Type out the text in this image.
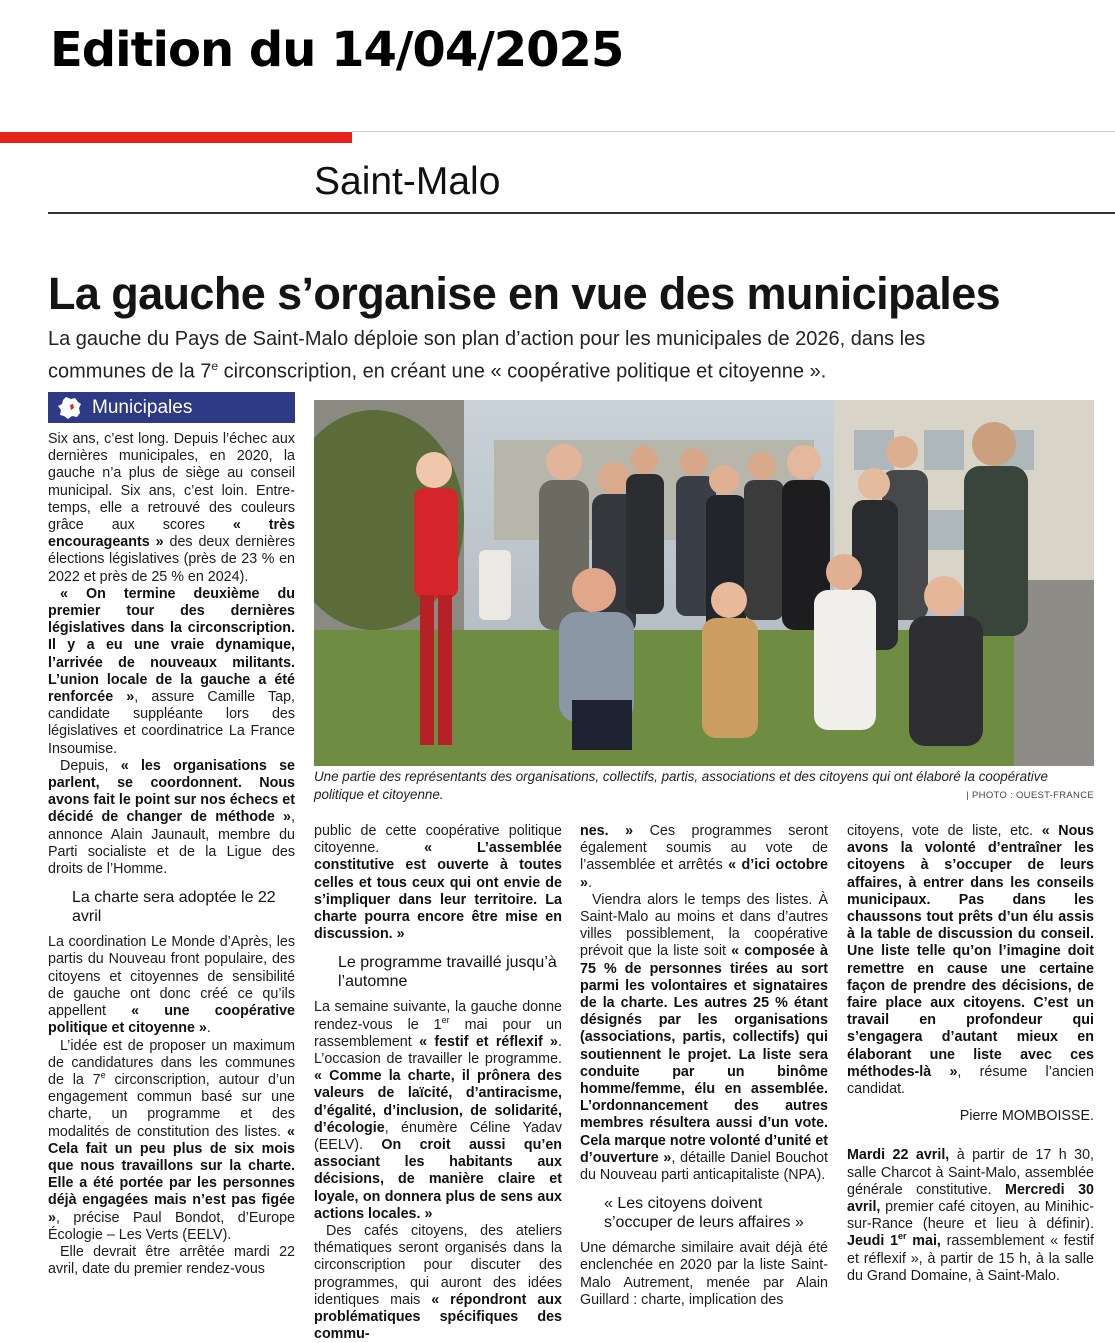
Edition du 14/04/2025
Saint-Malo
La gauche s’organise en vue des municipales
La gauche du Pays de Saint-Malo déploie son plan d’action pour les municipales de 2026, dans les
communes de la 7e circonscription, en créant une « coopérative politique et citoyenne ».
Municipales
Une partie des représentants des organisations, collectifs, partis, associations et des citoyens qui ont élaboré la coopérative politique et citoyenne.	| PHOTO : OUEST-FRANCE

Six ans, c’est long. Depuis l’échec aux dernières municipales, en 2020, la gauche n’a plus de siège au conseil municipal. Six ans, c’est loin. Entre-temps, elle a retrouvé des couleurs grâce aux scores « très encourageants » des deux dernières élections législatives (près de 23 % en 2022 et près de 25 % en 2024).

« On termine deuxième du premier tour des dernières législatives dans la circonscription. Il y a eu une vraie dynamique, l’arrivée de nouveaux militants. L’union locale de la gauche a été renforcée », assure Camille Tap, candidate suppléante lors des législatives et coordinatrice La France Insoumise.

Depuis, « les organisations se parlent, se coordonnent. Nous avons fait le point sur nos échecs et décidé de changer de méthode », annonce Alain Jaunault, membre du Parti socialiste et de la Ligue des droits de l’Homme.

La charte sera adoptée le 22 avril

La coordination Le Monde d’Après, les partis du Nouveau front populaire, des citoyens et citoyennes de sensibilité de gauche ont donc créé ce qu’ils appellent « une coopérative politique et citoyenne ».

L’idée est de proposer un maximum de candidatures dans les communes de la 7e circonscription, autour d’un engagement commun basé sur une charte, un programme et des modalités de constitution des listes. « Cela fait un peu plus de six mois que nous travaillons sur la charte. Elle a été portée par les personnes déjà engagées mais n’est pas figée », précise Paul Bondot, d’Europe Écologie – Les Verts (EELV).

Elle devrait être arrêtée mardi 22 avril, date du premier rendez-vous

public de cette coopérative politique citoyenne. « L’assemblée constitutive est ouverte à toutes celles et tous ceux qui ont envie de s’impliquer dans leur territoire. La charte pourra encore être mise en discussion. »

Le programme travaillé jusqu’à l’automne

La semaine suivante, la gauche donne rendez-vous le 1er mai pour un rassemblement « festif et réflexif ». L’occasion de travailler le programme. « Comme la charte, il prônera des valeurs de laïcité, d’antiracisme, d’égalité, d’inclusion, de solidarité, d’écologie, énumère Céline Yadav (EELV). On croit aussi qu’en associant les habitants aux décisions, de manière claire et loyale, on donnera plus de sens aux actions locales. »

Des cafés citoyens, des ateliers thématiques seront organisés dans la circonscription pour discuter des programmes, qui auront des idées identiques mais « répondront aux problématiques spécifiques des commu-

nes. » Ces programmes seront également soumis au vote de l’assemblée et arrêtés « d’ici octobre ».

Viendra alors le temps des listes. À Saint-Malo au moins et dans d’autres villes possiblement, la coopérative prévoit que la liste soit « composée à 75 % de personnes tirées au sort parmi les volontaires et signataires de la charte. Les autres 25 % étant désignés par les organisations (associations, partis, collectifs) qui soutiennent le projet. La liste sera conduite par un binôme homme/femme, élu en assemblée. L’ordonnancement des autres membres résultera aussi d’un vote. Cela marque notre volonté d’unité et d’ouverture », détaille Daniel Bouchot du Nouveau parti anticapitaliste (NPA).

« Les citoyens doivent s’occuper de leurs affaires »

Une démarche similaire avait déjà été enclenchée en 2020 par la liste Saint-Malo Autrement, menée par Alain Guillard : charte, implication des

citoyens, vote de liste, etc. « Nous avons la volonté d’entraîner les citoyens à s’occuper de leurs affaires, à entrer dans les conseils municipaux. Pas dans les chaussons tout prêts d’un élu assis à la table de discussion du conseil. Une liste telle qu’on l’imagine doit remettre en cause une certaine façon de prendre des décisions, de faire place aux citoyens. C’est un travail en profondeur qui s’engagera d’autant mieux en élaborant une liste avec ces méthodes-là », résume l’ancien candidat.

Pierre MOMBOISSE.

Mardi 22 avril, à partir de 17 h 30, salle Charcot à Saint-Malo, assemblée générale constitutive. Mercredi 30 avril, premier café citoyen, au Minihic-sur-Rance (heure et lieu à définir). Jeudi 1er mai, rassemblement « festif et réflexif », à partir de 15 h, à la salle du Grand Domaine, à Saint-Malo.
